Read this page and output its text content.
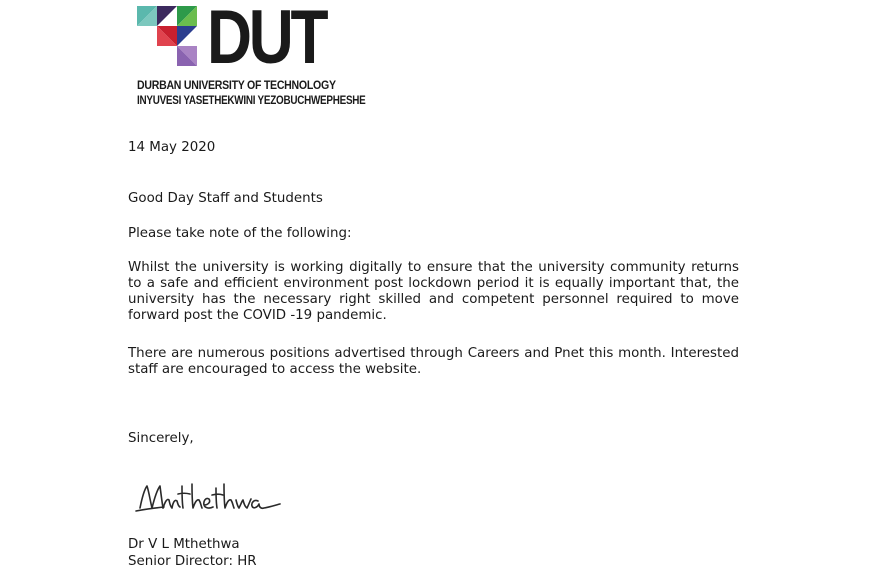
DUT
DURBAN UNIVERSITY OF TECHNOLOGY
INYUVESI YASETHEKWINI YEZOBUCHWEPHESHE
14 May 2020
Good Day Staff and Students
Please take note of the following:

Whilst the university is working digitally to ensure that the university community returns to a safe and efficient environment post lockdown period it is equally important that, the university has the necessary right skilled and competent personnel required to move forward post the COVID -19 pandemic.

There are numerous positions advertised through Careers and Pnet this month. Interested staff are encouraged to access the website.

Sincerely,
Dr V L Mthethwa
Senior Director: HR
